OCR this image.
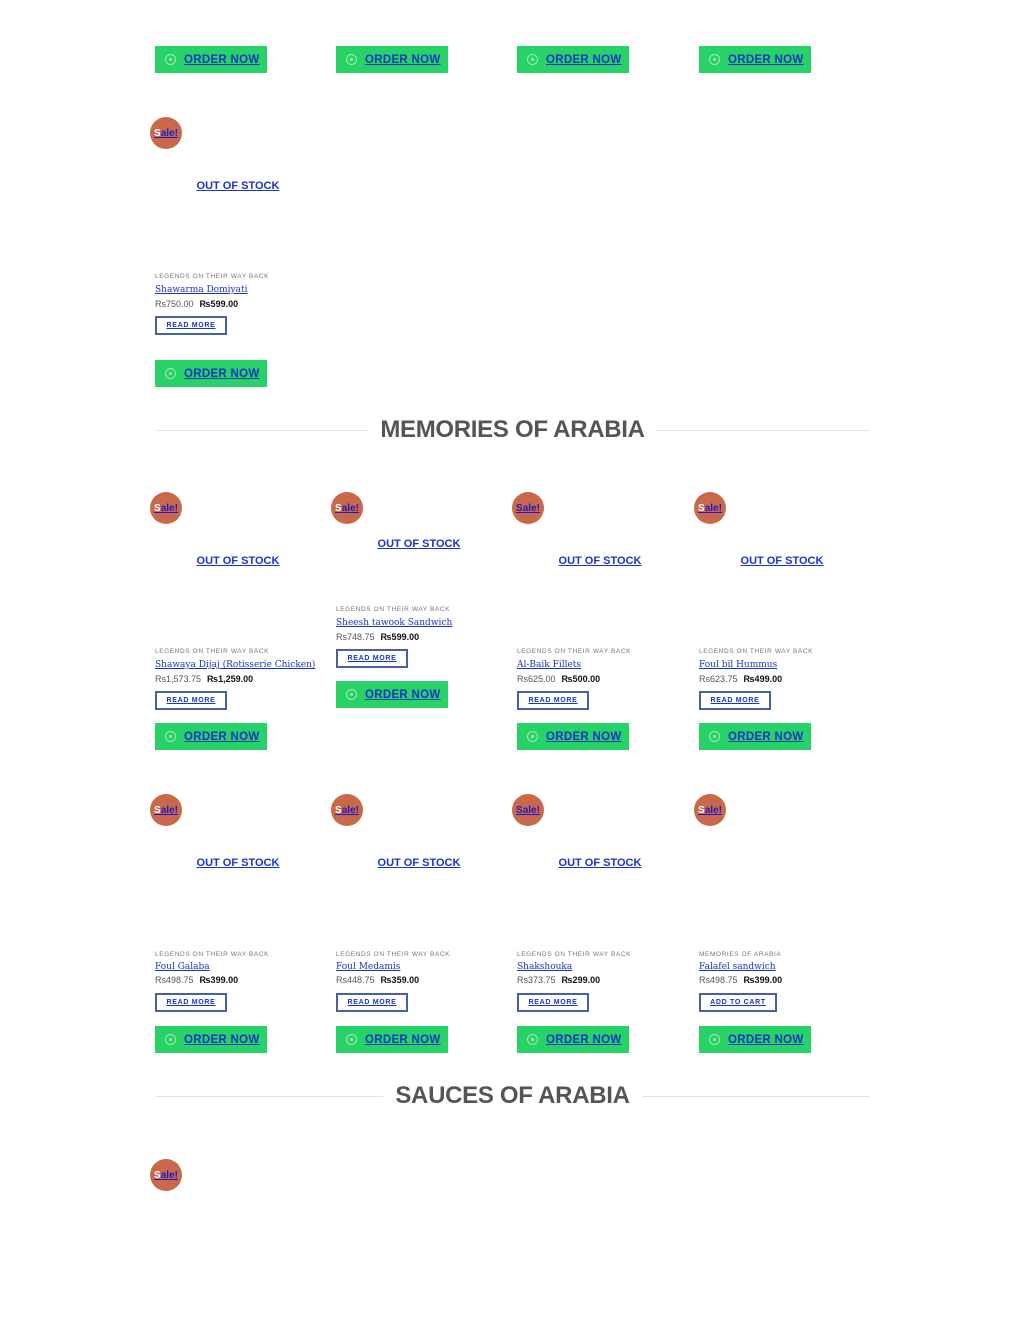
ORDER NOW	ORDER NOW	ORDER NOW	ORDER NOW
S ale!
OUT OF STOCK
LEGENDS ON THEIR WAY BACK
Shawarma Domiyati
Rs750.00 ₨599.00
READ MORE
ORDER NOW
MEMORIES OF ARABIA
S ale!
OUT OF STOCK
LEGENDS ON THEIR WAY BACK
Shawaya Dijaj (Rotisserie Chicken)
Rs1,573.75 ₨1,259.00
READ MORE
ORDER NOW
S ale!
OUT OF STOCK
LEGENDS ON THEIR WAY BACK
Sheesh tawook Sandwich
Rs748.75 ₨599.00
READ MORE
ORDER NOW
Sale!
OUT OF STOCK
LEGENDS ON THEIR WAY BACK
Al-Baik Fillets
Rs625.00 ₨500.00
READ MORE
ORDER NOW
S ale!
OUT OF STOCK
LEGENDS ON THEIR WAY BACK
Foul bil Hummus
Rs623.75 ₨499.00
READ MORE
ORDER NOW
S ale!
OUT OF STOCK
LEGENDS ON THEIR WAY BACK
Foul Galaba
Rs498.75 ₨399.00
READ MORE
ORDER NOW
S ale!
OUT OF STOCK
LEGENDS ON THEIR WAY BACK
Foul Medamis
Rs448.75 ₨359.00
READ MORE
ORDER NOW
Sale!
OUT OF STOCK
LEGENDS ON THEIR WAY BACK
Shakshouka
Rs373.75 ₨299.00
READ MORE
ORDER NOW
S ale!
MEMORIES OF ARABIA
Falafel sandwich
Rs498.75 ₨399.00
ADD TO CART
ORDER NOW
SAUCES OF ARABIA
S ale!
